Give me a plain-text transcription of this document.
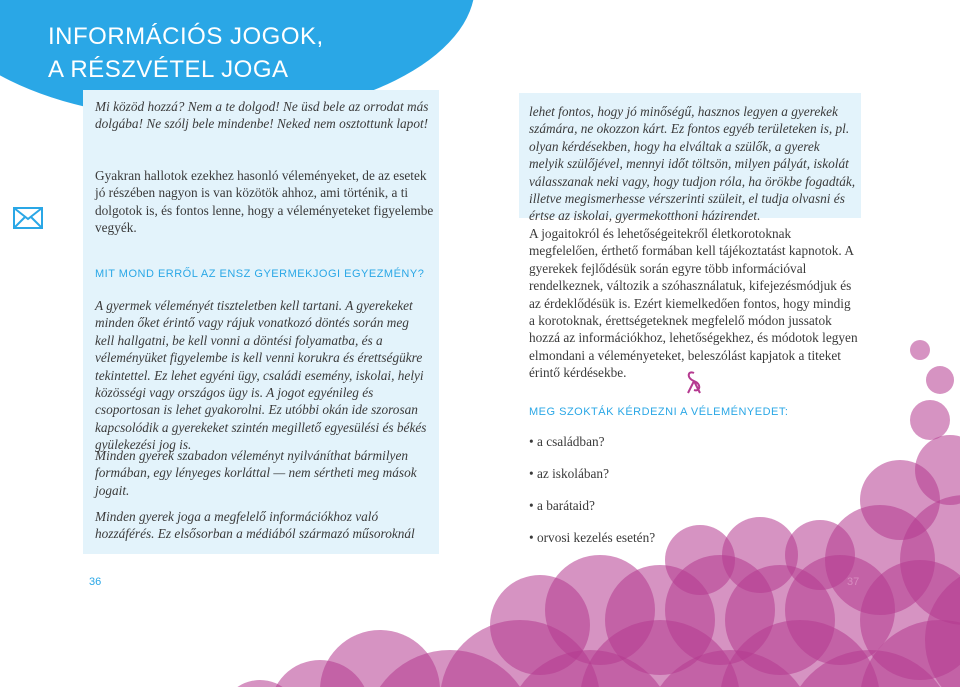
INFORMÁCIÓS JOGOK,
A RÉSZVÉTEL JOGA

Mi közöd hozzá? Nem a te dolgod! Ne üsd bele az orrodat más dolgába! Ne szólj bele mindenbe! Neked nem osztottunk lapot!

Gyakran hallotok ezekhez hasonló véleményeket, de az esetek jó részében nagyon is van közötök ahhoz, ami történik, a ti dolgotok is, és fontos lenne, hogy a véleményeteket figyelembe vegyék.

MIT MOND ERRŐL AZ ENSZ GYERMEKJOGI EGYEZMÉNY?

A gyermek véleményét tiszteletben kell tartani. A gyerekeket minden őket érintő vagy rájuk vonatkozó döntés során meg kell hallgatni, be kell vonni a döntési folyamatba, és a véleményüket figyelembe is kell venni korukra és érettségükre tekintettel. Ez lehet egyéni ügy, családi esemény, iskolai, helyi közösségi vagy országos ügy is. A jogot egyénileg és csoportosan is lehet gyakorolni. Ez utóbbi okán ide szorosan kapcsolódik a gyerekeket szintén megillető egyesülési és békés gyülekezési jog is.

Minden gyerek szabadon véleményt nyilváníthat bármilyen formában, egy lényeges korláttal — nem sértheti meg mások jogait.

Minden gyerek joga a megfelelő információkhoz való hozzáférés. Ez elsősorban a médiából származó műsoroknál

lehet fontos, hogy jó minőségű, hasznos legyen a gyerekek számára, ne okozzon kárt. Ez fontos egyéb területeken is, pl. olyan kérdésekben, hogy ha elváltak a szülők, a gyerek melyik szülőjével, mennyi időt töltsön, milyen pályát, iskolát válasszanak neki vagy, hogy tudjon róla, ha örökbe fogadták, illetve megismerhesse vérszerinti szüleit, el tudja olvasni és értse az iskolai, gyermekotthoni házirendet.

A jogaitokról és lehetőségeitekről életkorotoknak megfelelően, érthető formában kell tájékoztatást kapnotok. A gyerekek fejlődésük során egyre több információval rendelkeznek, változik a szóhasználatuk, kifejezésmódjuk és az érdeklődésük is. Ezért kiemelkedően fontos, hogy mindig a korotoknak, érettségeteknek megfelelő módon jussatok hozzá az információkhoz, lehetőségekhez, és módotok legyen elmondani a véleményeteket, beleszólást kapjatok a titeket érintő kérdésekbe.

MEG SZOKTÁK KÉRDEZNI A VÉLEMÉNYEDET:

• a családban?
• az iskolában?
• a barátaid?
• orvosi kezelés esetén?
36	37
